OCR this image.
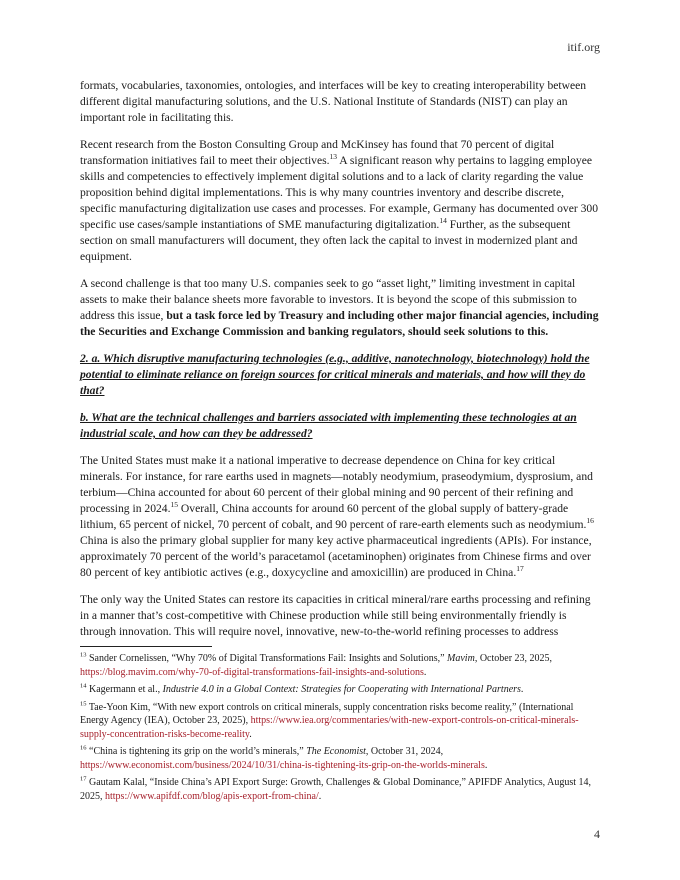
itif.org

formats, vocabularies, taxonomies, ontologies, and interfaces will be key to creating interoperability between different digital manufacturing solutions, and the U.S. National Institute of Standards (NIST) can play an important role in facilitating this.

Recent research from the Boston Consulting Group and McKinsey has found that 70 percent of digital transformation initiatives fail to meet their objectives.$^{13}$ A significant reason why pertains to lagging employee skills and competencies to effectively implement digital solutions and to a lack of clarity regarding the value proposition behind digital implementations. This is why many countries inventory and describe discrete, specific manufacturing digitalization use cases and processes. For example, Germany has documented over 300 specific use cases/sample instantiations of SME manufacturing digitalization.$^{14}$ Further, as the subsequent section on small manufacturers will document, they often lack the capital to invest in modernized plant and equipment.

A second challenge is that too many U.S. companies seek to go “asset light,” limiting investment in capital assets to make their balance sheets more favorable to investors. It is beyond the scope of this submission to address this issue, but a task force led by Treasury and including other major financial agencies, including the Securities and Exchange Commission and banking regulators, should seek solutions to this.

2. a. Which disruptive manufacturing technologies (e.g., additive, nanotechnology, biotechnology) hold the potential to eliminate reliance on foreign sources for critical minerals and materials, and how will they do that?

b. What are the technical challenges and barriers associated with implementing these technologies at an industrial scale, and how can they be addressed?

The United States must make it a national imperative to decrease dependence on China for key critical minerals. For instance, for rare earths used in magnets—notably neodymium, praseodymium, dysprosium, and terbium—China accounted for about 60 percent of their global mining and 90 percent of their refining and processing in 2024.15 Overall, China accounts for around 60 percent of the global supply of battery-grade lithium, 65 percent of nickel, 70 percent of cobalt, and 90 percent of rare-earth elements such as neodymium.$^{16}$ China is also the primary global supplier for many key active pharmaceutical ingredients (APIs). For instance, approximately 70 percent of the world’s paracetamol (acetaminophen) originates from Chinese firms and over 80 percent of key antibiotic actives (e.g., doxycycline and amoxicillin) are produced in China.$^{17}$

The only way the United States can restore its capacities in critical mineral/rare earths processing and refining in a manner that’s cost-competitive with Chinese production while still being environmentally friendly is through innovation. This will require novel, innovative, new-to-the-world refining processes to address

$^{13}$ Sander Cornelissen, “Why 70% of Digital Transformations Fail: Insights and Solutions,” Mavim, October 23, 2025, https://blog.mavim.com/why-70-of-digital-transformations-fail-insights-and-solutions.
$^{14}$ Kagermann et al., Industrie 4.0 in a Global Context: Strategies for Cooperating with International Partners.
$^{15}$ Tae-Yoon Kim, “With new export controls on critical minerals, supply concentration risks become reality,” (International Energy Agency (IEA), October 23, 2025), https://www.iea.org/commentaries/with-new-export-controls-on-critical-minerals-supply-concentration-risks-become-reality.
$^{16}$ “China is tightening its grip on the world’s minerals,” The Economist, October 31, 2024, https://www.economist.com/business/2024/10/31/china-is-tightening-its-grip-on-the-worlds-minerals.
$^{17}$ Gautam Kalal, “Inside China’s API Export Surge: Growth, Challenges & Global Dominance,” APIFDF Analytics, August 14, 2025, https://www.apifdf.com/blog/apis-export-from-china/.
4
